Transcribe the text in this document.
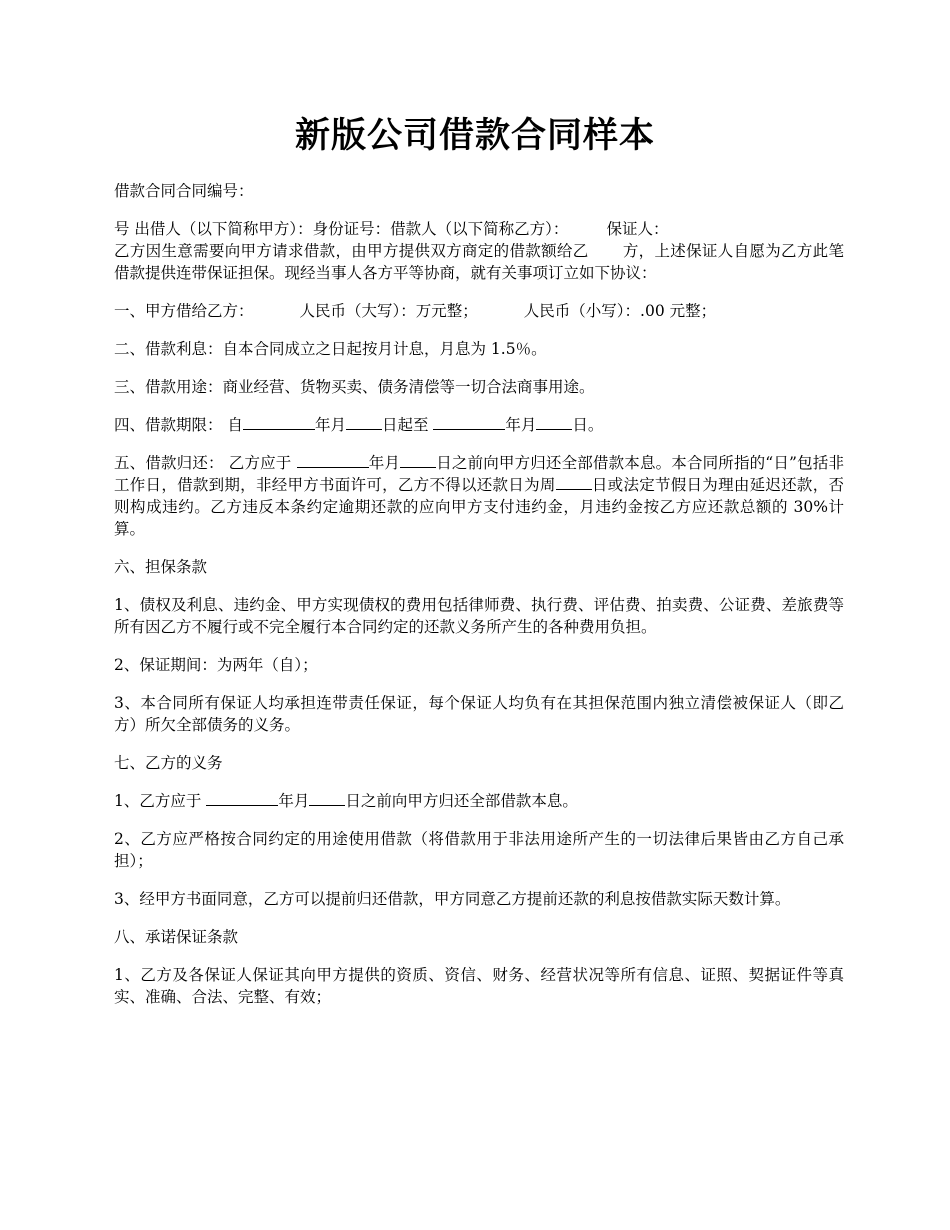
新版公司借款合同样本

借款合同合同编号：

号 出借人（以下简称甲方）：身份证号：借款人（以下简称乙方）： 保证人：
乙方因生意需要向甲方请求借款，由甲方提供双方商定的借款额给乙 方，上述保证人自愿为乙方此笔借款提供连带保证担保。现经当事人各方平等协商，就有关事项订立如下协议：

一、甲方借给乙方：	人民币（大写）：万元整；	人民币（小写）：.00 元整；

二、借款利息：自本合同成立之日起按月计息，月息为 1.5％。

三、借款用途：商业经营、货物买卖、债务清偿等一切合法商事用途。

四、借款期限： 自	年月 日起至	年月 日。

五、借款归还： 乙方应于	年月 日之前向甲方归还全部借款本息。本合同所指的“日”包括非工作日，借款到期，非经甲方书面许可，乙方不得以还款日为周 日或法定节假日为理由延迟还款，否则构成违约。乙方违反本条约定逾期还款的应向甲方支付违约金，月违约金按乙方应还款总额的 30%计算。

六、担保条款

1、债权及利息、违约金、甲方实现债权的费用包括律师费、执行费、评估费、拍卖费、公证费、差旅费等所有因乙方不履行或不完全履行本合同约定的还款义务所产生的各种费用负担。

2、保证期间：为两年（自）；

3、本合同所有保证人均承担连带责任保证，每个保证人均负有在其担保范围内独立清偿被保证人（即乙方）所欠全部债务的义务。

七、乙方的义务

1、乙方应于	年月 日之前向甲方归还全部借款本息。

2、乙方应严格按合同约定的用途使用借款（将借款用于非法用途所产生的一切法律后果皆由乙方自己承担）；

3、经甲方书面同意，乙方可以提前归还借款，甲方同意乙方提前还款的利息按借款实际天数计算。

八、承诺保证条款

1、乙方及各保证人保证其向甲方提供的资质、资信、财务、经营状况等所有信息、证照、契据证件等真实、准确、合法、完整、有效；
